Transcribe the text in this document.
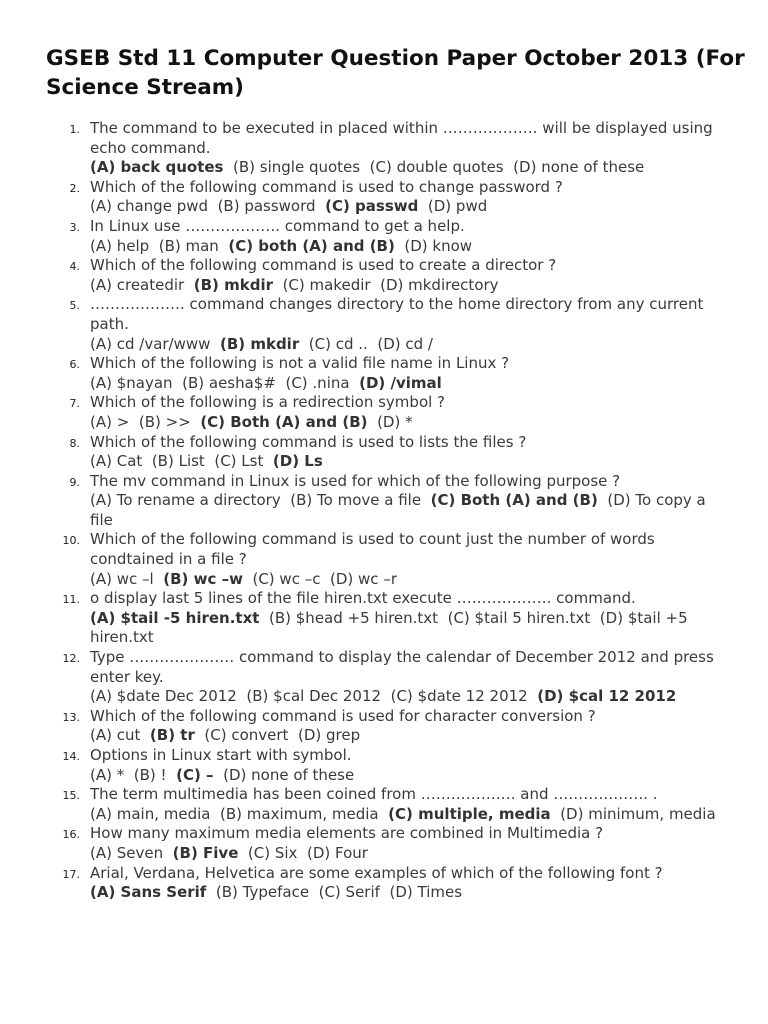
GSEB Std 11 Computer Question Paper October 2013 (For Science Stream)
1. The command to be executed in placed within ………………. will be displayed using echo command.
(A) back quotes (B) single quotes (C) double quotes (D) none of these
2. Which of the following command is used to change password ?
(A) change pwd (B) password (C) passwd (D) pwd
3. In Linux use ………………. command to get a help.
(A) help (B) man (C) both (A) and (B) (D) know
4. Which of the following command is used to create a director ?
(A) createdir (B) mkdir (C) makedir (D) mkdirectory
5. ………………. command changes directory to the home directory from any current path.
(A) cd /var/www (B) mkdir (C) cd .. (D) cd /
6. Which of the following is not a valid file name in Linux ?
(A) $nayan (B) aesha$# (C) .nina (D) /vimal
7. Which of the following is a redirection symbol ?
(A) > (B) >> (C) Both (A) and (B) (D) *
8. Which of the following command is used to lists the files ?
(A) Cat (B) List (C) Lst (D) Ls
9. The mv command in Linux is used for which of the following purpose ?
(A) To rename a directory (B) To move a file (C) Both (A) and (B) (D) To copy a file
10. Which of the following command is used to count just the number of words condtained in a file ?
(A) wc –l (B) wc –w (C) wc –c (D) wc –r
11. o display last 5 lines of the file hiren.txt execute ………………. command.
(A) $tail -5 hiren.txt (B) $head +5 hiren.txt (C) $tail 5 hiren.txt (D) $tail +5 hiren.txt
12. Type ………………… command to display the calendar of December 2012 and press enter key.
(A) $date Dec 2012 (B) $cal Dec 2012 (C) $date 12 2012 (D) $cal 12 2012
13. Which of the following command is used for character conversion ?
(A) cut (B) tr (C) convert (D) grep
14. Options in Linux start with symbol.
(A) * (B) ! (C) – (D) none of these
15. The term multimedia has been coined from ………………. and ………………. .
(A) main, media (B) maximum, media (C) multiple, media (D) minimum, media
16. How many maximum media elements are combined in Multimedia ?
(A) Seven (B) Five (C) Six (D) Four
17. Arial, Verdana, Helvetica are some examples of which of the following font ?
(A) Sans Serif (B) Typeface (C) Serif (D) Times
